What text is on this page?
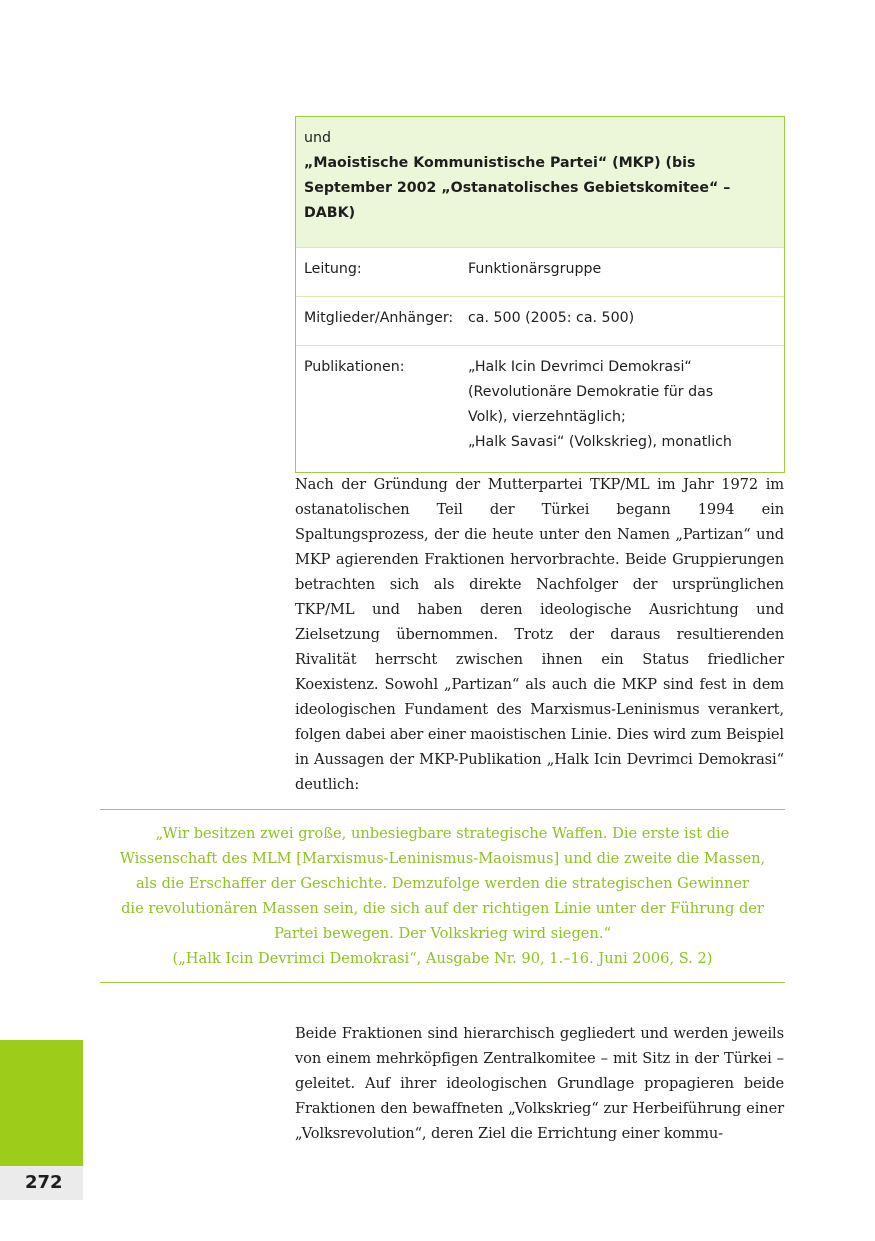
und
„Maoistische Kommunistische Partei“ (MKP) (bis
September 2002 „Ostanatolisches Gebietskomitee“ – DABK)
Leitung:	Funktionärsgruppe
Mitglieder/Anhänger:	ca. 500 (2005: ca. 500)
Publikationen:	„Halk Icin Devrimci Demokrasi“
(Revolutionäre Demokratie für das
Volk), vierzehntäglich;
„Halk Savasi“ (Volkskrieg), monatlich

Nach der Gründung der Mutterpartei TKP/ML im Jahr 1972 im ostanatolischen Teil der Türkei begann 1994 ein Spaltungsprozess, der die heute unter den Namen „Partizan“ und MKP agierenden Fraktionen hervorbrachte. Beide Gruppierungen betrachten sich als direkte Nachfolger der ursprünglichen TKP/ML und haben deren ideologische Ausrichtung und Zielsetzung übernommen. Trotz der daraus resultierenden Rivalität herrscht zwischen ihnen ein Status friedlicher Koexistenz. Sowohl „Partizan“ als auch die MKP sind fest in dem ideologischen Fundament des Marxismus-Leninismus verankert, folgen dabei aber einer maoistischen Linie. Dies wird zum Beispiel in Aussagen der MKP-Publikation „Halk Icin Devrimci Demokrasi“ deutlich:

„Wir besitzen zwei große, unbesiegbare strategische Waffen. Die erste ist die
Wissenschaft des MLM [Marxismus-Leninismus-Maoismus] und die zweite die Massen,
als die Erschaffer der Geschichte. Demzufolge werden die strategischen Gewinner
die revolutionären Massen sein, die sich auf der richtigen Linie unter der Führung der
Partei bewegen. Der Volkskrieg wird siegen.“
(„Halk Icin Devrimci Demokrasi“, Ausgabe Nr. 90, 1.–16. Juni 2006, S. 2)

Beide Fraktionen sind hierarchisch gegliedert und werden jeweils von einem mehrköpfigen Zentralkomitee – mit Sitz in der Türkei – geleitet. Auf ihrer ideologischen Grundlage propagieren beide Fraktionen den bewaffneten „Volkskrieg“ zur Herbeiführung einer „Volksrevolution“, deren Ziel die Errichtung einer kommu-

272
